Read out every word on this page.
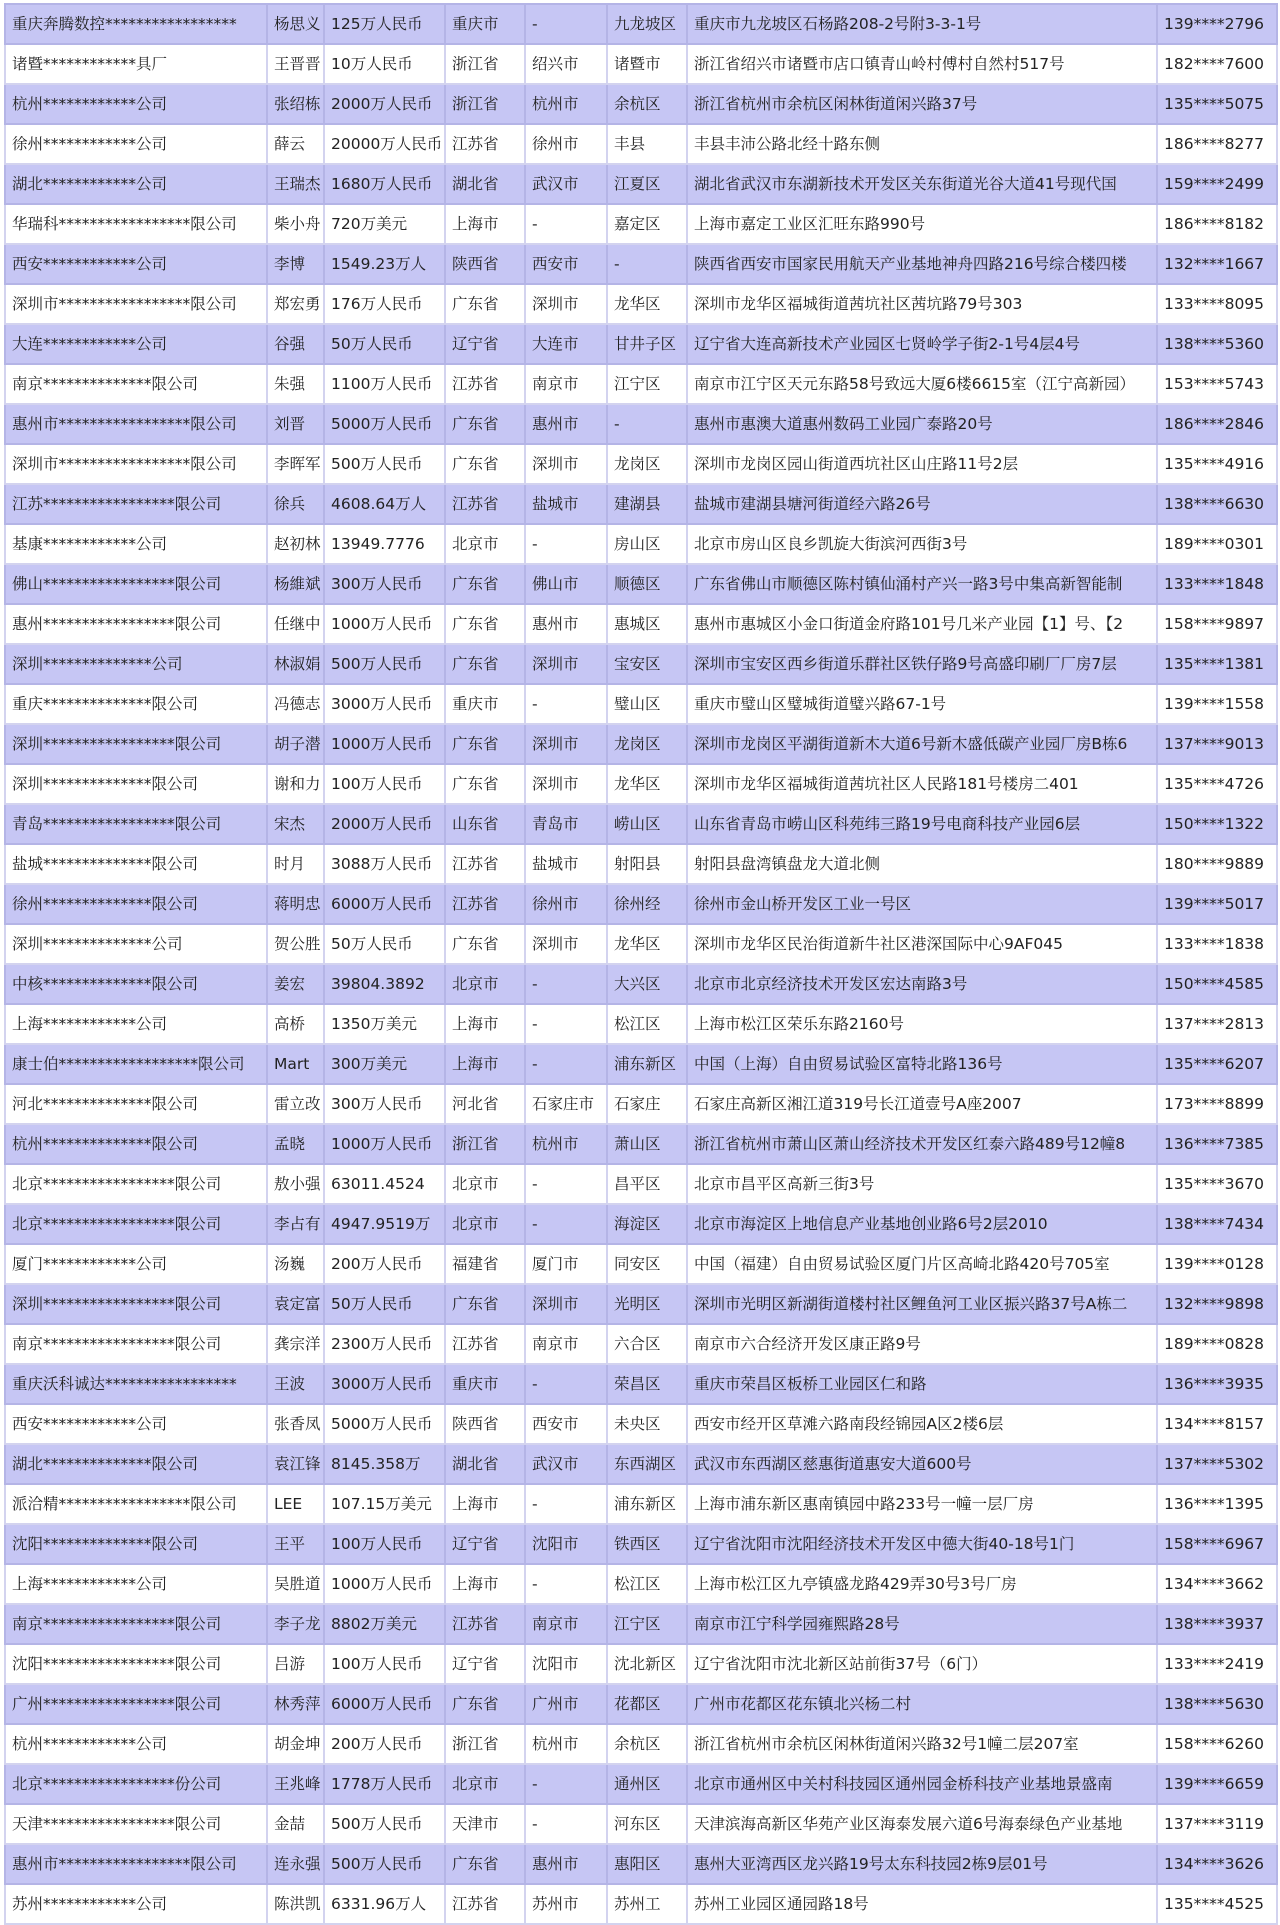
重庆奔腾数控*****************	杨思义	125万人民币	重庆市	-	九龙坡区	重庆市九龙坡区石杨路208-2号附3-3-1号	139****2796
诸暨************具厂	王晋晋	10万人民币	浙江省	绍兴市	诸暨市	浙江省绍兴市诸暨市店口镇青山岭村傅村自然村517号	182****7600
杭州************公司	张绍栋	2000万人民币	浙江省	杭州市	余杭区	浙江省杭州市余杭区闲林街道闲兴路37号	135****5075
徐州************公司	薛云	20000万人民币	江苏省	徐州市	丰县	丰县丰沛公路北经十路东侧	186****8277
湖北************公司	王瑞杰	1680万人民币	湖北省	武汉市	江夏区	湖北省武汉市东湖新技术开发区关东街道光谷大道41号现代国	159****2499
华瑞科*****************限公司	柴小舟	720万美元	上海市	-	嘉定区	上海市嘉定工业区汇旺东路990号	186****8182
西安************公司	李博	1549.23万人	陕西省	西安市	-	陕西省西安市国家民用航天产业基地神舟四路216号综合楼四楼	132****1667
深圳市*****************限公司	郑宏勇	176万人民币	广东省	深圳市	龙华区	深圳市龙华区福城街道茜坑社区茜坑路79号303	133****8095
大连************公司	谷强	50万人民币	辽宁省	大连市	甘井子区	辽宁省大连高新技术产业园区七贤岭学子街2-1号4层4号	138****5360
南京**************限公司	朱强	1100万人民币	江苏省	南京市	江宁区	南京市江宁区天元东路58号致远大厦6楼6615室（江宁高新园）	153****5743
惠州市*****************限公司	刘晋	5000万人民币	广东省	惠州市	-	惠州市惠澳大道惠州数码工业园广泰路20号	186****2846
深圳市*****************限公司	李晖军	500万人民币	广东省	深圳市	龙岗区	深圳市龙岗区园山街道西坑社区山庄路11号2层	135****4916
江苏*****************限公司	徐兵	4608.64万人	江苏省	盐城市	建湖县	盐城市建湖县塘河街道经六路26号	138****6630
基康************公司	赵初林	13949.7776	北京市	-	房山区	北京市房山区良乡凯旋大街滨河西街3号	189****0301
佛山*****************限公司	杨維斌	300万人民币	广东省	佛山市	顺德区	广东省佛山市顺德区陈村镇仙涌村产兴一路3号中集高新智能制	133****1848
惠州*****************限公司	任继中	1000万人民币	广东省	惠州市	惠城区	惠州市惠城区小金口街道金府路101号几米产业园【1】号、【2	158****9897
深圳**************公司	林淑娟	500万人民币	广东省	深圳市	宝安区	深圳市宝安区西乡街道乐群社区铁仔路9号高盛印刷厂厂房7层	135****1381
重庆**************限公司	冯德志	3000万人民币	重庆市	-	璧山区	重庆市璧山区璧城街道璧兴路67-1号	139****1558
深圳*****************限公司	胡子潜	1000万人民币	广东省	深圳市	龙岗区	深圳市龙岗区平湖街道新木大道6号新木盛低碳产业园厂房B栋6	137****9013
深圳**************限公司	谢和力	100万人民币	广东省	深圳市	龙华区	深圳市龙华区福城街道茜坑社区人民路181号楼房二401	135****4726
青岛*****************限公司	宋杰	2000万人民币	山东省	青岛市	崂山区	山东省青岛市崂山区科苑纬三路19号电商科技产业园6层	150****1322
盐城**************限公司	时月	3088万人民币	江苏省	盐城市	射阳县	射阳县盘湾镇盘龙大道北侧	180****9889
徐州**************限公司	蒋明忠	6000万人民币	江苏省	徐州市	徐州经	徐州市金山桥开发区工业一号区	139****5017
深圳**************公司	贺公胜	50万人民币	广东省	深圳市	龙华区	深圳市龙华区民治街道新牛社区港深国际中心9AF045	133****1838
中核**************限公司	姜宏	39804.3892	北京市	-	大兴区	北京市北京经济技术开发区宏达南路3号	150****4585
上海************公司	高桥	1350万美元	上海市	-	松江区	上海市松江区荣乐东路2160号	137****2813
康士伯******************限公司	Mart	300万美元	上海市	-	浦东新区	中国（上海）自由贸易试验区富特北路136号	135****6207
河北**************限公司	雷立改	300万人民币	河北省	石家庄市	石家庄	石家庄高新区湘江道319号长江道壹号A座2007	173****8899
杭州**************限公司	孟晓	1000万人民币	浙江省	杭州市	萧山区	浙江省杭州市萧山区萧山经济技术开发区红泰六路489号12幢8	136****7385
北京*****************限公司	敖小强	63011.4524	北京市	-	昌平区	北京市昌平区高新三街3号	135****3670
北京*****************限公司	李占有	4947.9519万	北京市	-	海淀区	北京市海淀区上地信息产业基地创业路6号2层2010	138****7434
厦门************公司	汤巍	200万人民币	福建省	厦门市	同安区	中国（福建）自由贸易试验区厦门片区高崎北路420号705室	139****0128
深圳*****************限公司	袁定富	50万人民币	广东省	深圳市	光明区	深圳市光明区新湖街道楼村社区鲤鱼河工业区振兴路37号A栋二	132****9898
南京*****************限公司	龚宗洋	2300万人民币	江苏省	南京市	六合区	南京市六合经济开发区康正路9号	189****0828
重庆沃科诚达*****************	王波	3000万人民币	重庆市	-	荣昌区	重庆市荣昌区板桥工业园区仁和路	136****3935
西安************公司	张香凤	5000万人民币	陕西省	西安市	未央区	西安市经开区草滩六路南段经锦园A区2楼6层	134****8157
湖北**************限公司	袁江锋	8145.358万	湖北省	武汉市	东西湖区	武汉市东西湖区慈惠街道惠安大道600号	137****5302
派洽精*****************限公司	LEE	107.15万美元	上海市	-	浦东新区	上海市浦东新区惠南镇园中路233号一幢一层厂房	136****1395
沈阳**************限公司	王平	100万人民币	辽宁省	沈阳市	铁西区	辽宁省沈阳市沈阳经济技术开发区中德大街40-18号1门	158****6967
上海************公司	吴胜道	1000万人民币	上海市	-	松江区	上海市松江区九亭镇盛龙路429弄30号3号厂房	134****3662
南京*****************限公司	李子龙	8802万美元	江苏省	南京市	江宁区	南京市江宁科学园雍熙路28号	138****3937
沈阳*****************限公司	吕游	100万人民币	辽宁省	沈阳市	沈北新区	辽宁省沈阳市沈北新区站前街37号（6门）	133****2419
广州*****************限公司	林秀萍	6000万人民币	广东省	广州市	花都区	广州市花都区花东镇北兴杨二村	138****5630
杭州************公司	胡金坤	200万人民币	浙江省	杭州市	余杭区	浙江省杭州市余杭区闲林街道闲兴路32号1幢二层207室	158****6260
北京*****************份公司	王兆峰	1778万人民币	北京市	-	通州区	北京市通州区中关村科技园区通州园金桥科技产业基地景盛南	139****6659
天津*****************限公司	金喆	500万人民币	天津市	-	河东区	天津滨海高新区华苑产业区海泰发展六道6号海泰绿色产业基地	137****3119
惠州市*****************限公司	连永强	500万人民币	广东省	惠州市	惠阳区	惠州大亚湾西区龙兴路19号太东科技园2栋9层01号	134****3626
苏州************公司	陈洪凯	6331.96万人	江苏省	苏州市	苏州工	苏州工业园区通园路18号	135****4525
